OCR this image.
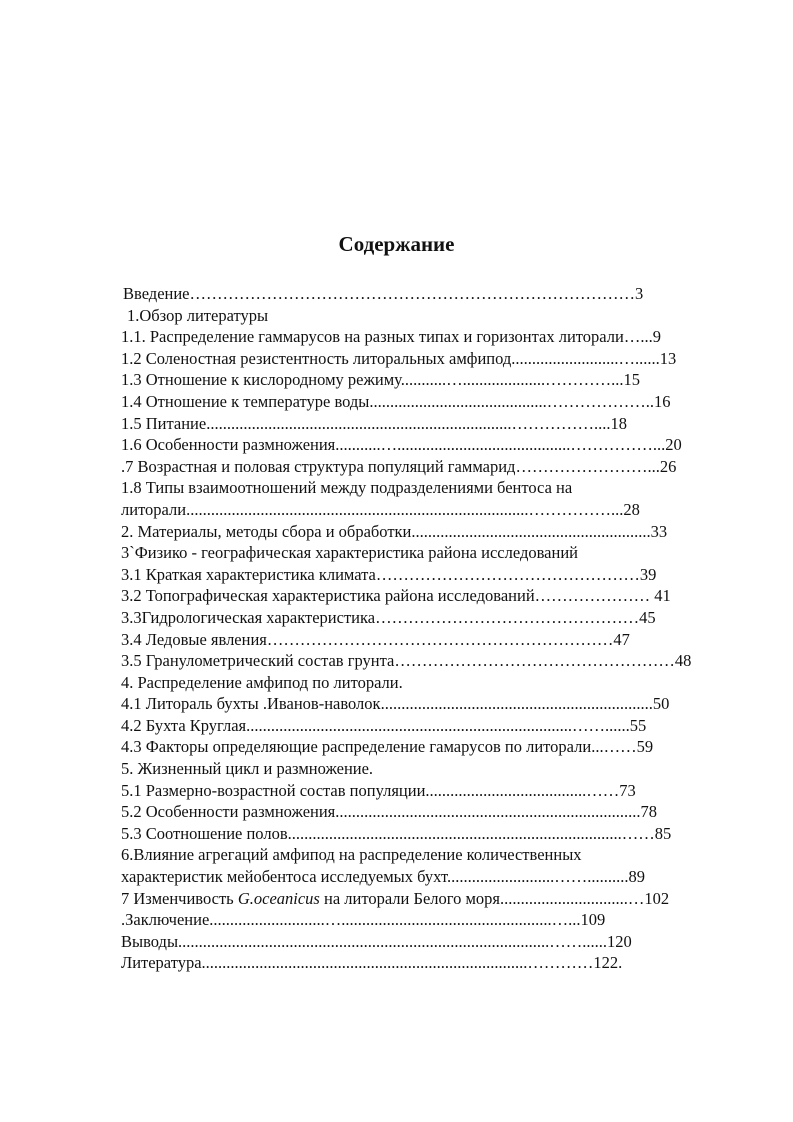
Содержание
Введение………………………………………………………………………3
1.Обзор литературы
1.1. Распределение гаммарусов на разных типах и горизонтах литорали…...9
1.2 Соленостная резистентность литоральных амфипод..........................…......13
1.3 Отношение к кислородному режиму...........…....................…………...15
1.4 Отношение к температуре воды...........................................………………..16
1.5 Питание..........................................................................……………....18
1.6 Особенности размножения...........…..........................................……………...20
.7 Возрастная и половая структура популяций гаммарид……………………...26
1.8 Типы взаимоотношений между подразделениями бентоса на
литорали...................................................................................……………...28
2. Материалы, методы сбора и обработки..........................................................33
3`Физико - географическая характеристика района исследований
3.1 Краткая характеристика климата…………………………………………39
3.2 Топографическая характеристика района исследований………………… 41
3.3Гидрологическая характеристика…………………………………………45
3.4 Ледовые явления………………………………………………………47
3.5 Гранулометрический состав грунта……………………………………………48
4. Распределение амфипод по литорали.
4.1 Литораль бухты .Иванов-наволок..................................................................50
4.2 Бухта Круглая...............................................................................……......55
4.3 Факторы определяющие распределение гамарусов по литорали...……59
5. Жизненный цикл и размножение.
5.1 Размерно-возрастной состав популяции.......................................……73
5.2 Особенности размножения..........................................................................78
5.3 Соотношение полов.................................................................................……85
6.Влияние агрегаций амфипод на распределение количественных
характеристик мейобентоса исследуемых бухт..........................……..........89
7 Изменчивость G.oceanicus на литорали Белого моря...............................…102
.Заключение............................…...................................................…...109
Выводы..........................................................................................……......120
Литература...............................................................................…………122.
